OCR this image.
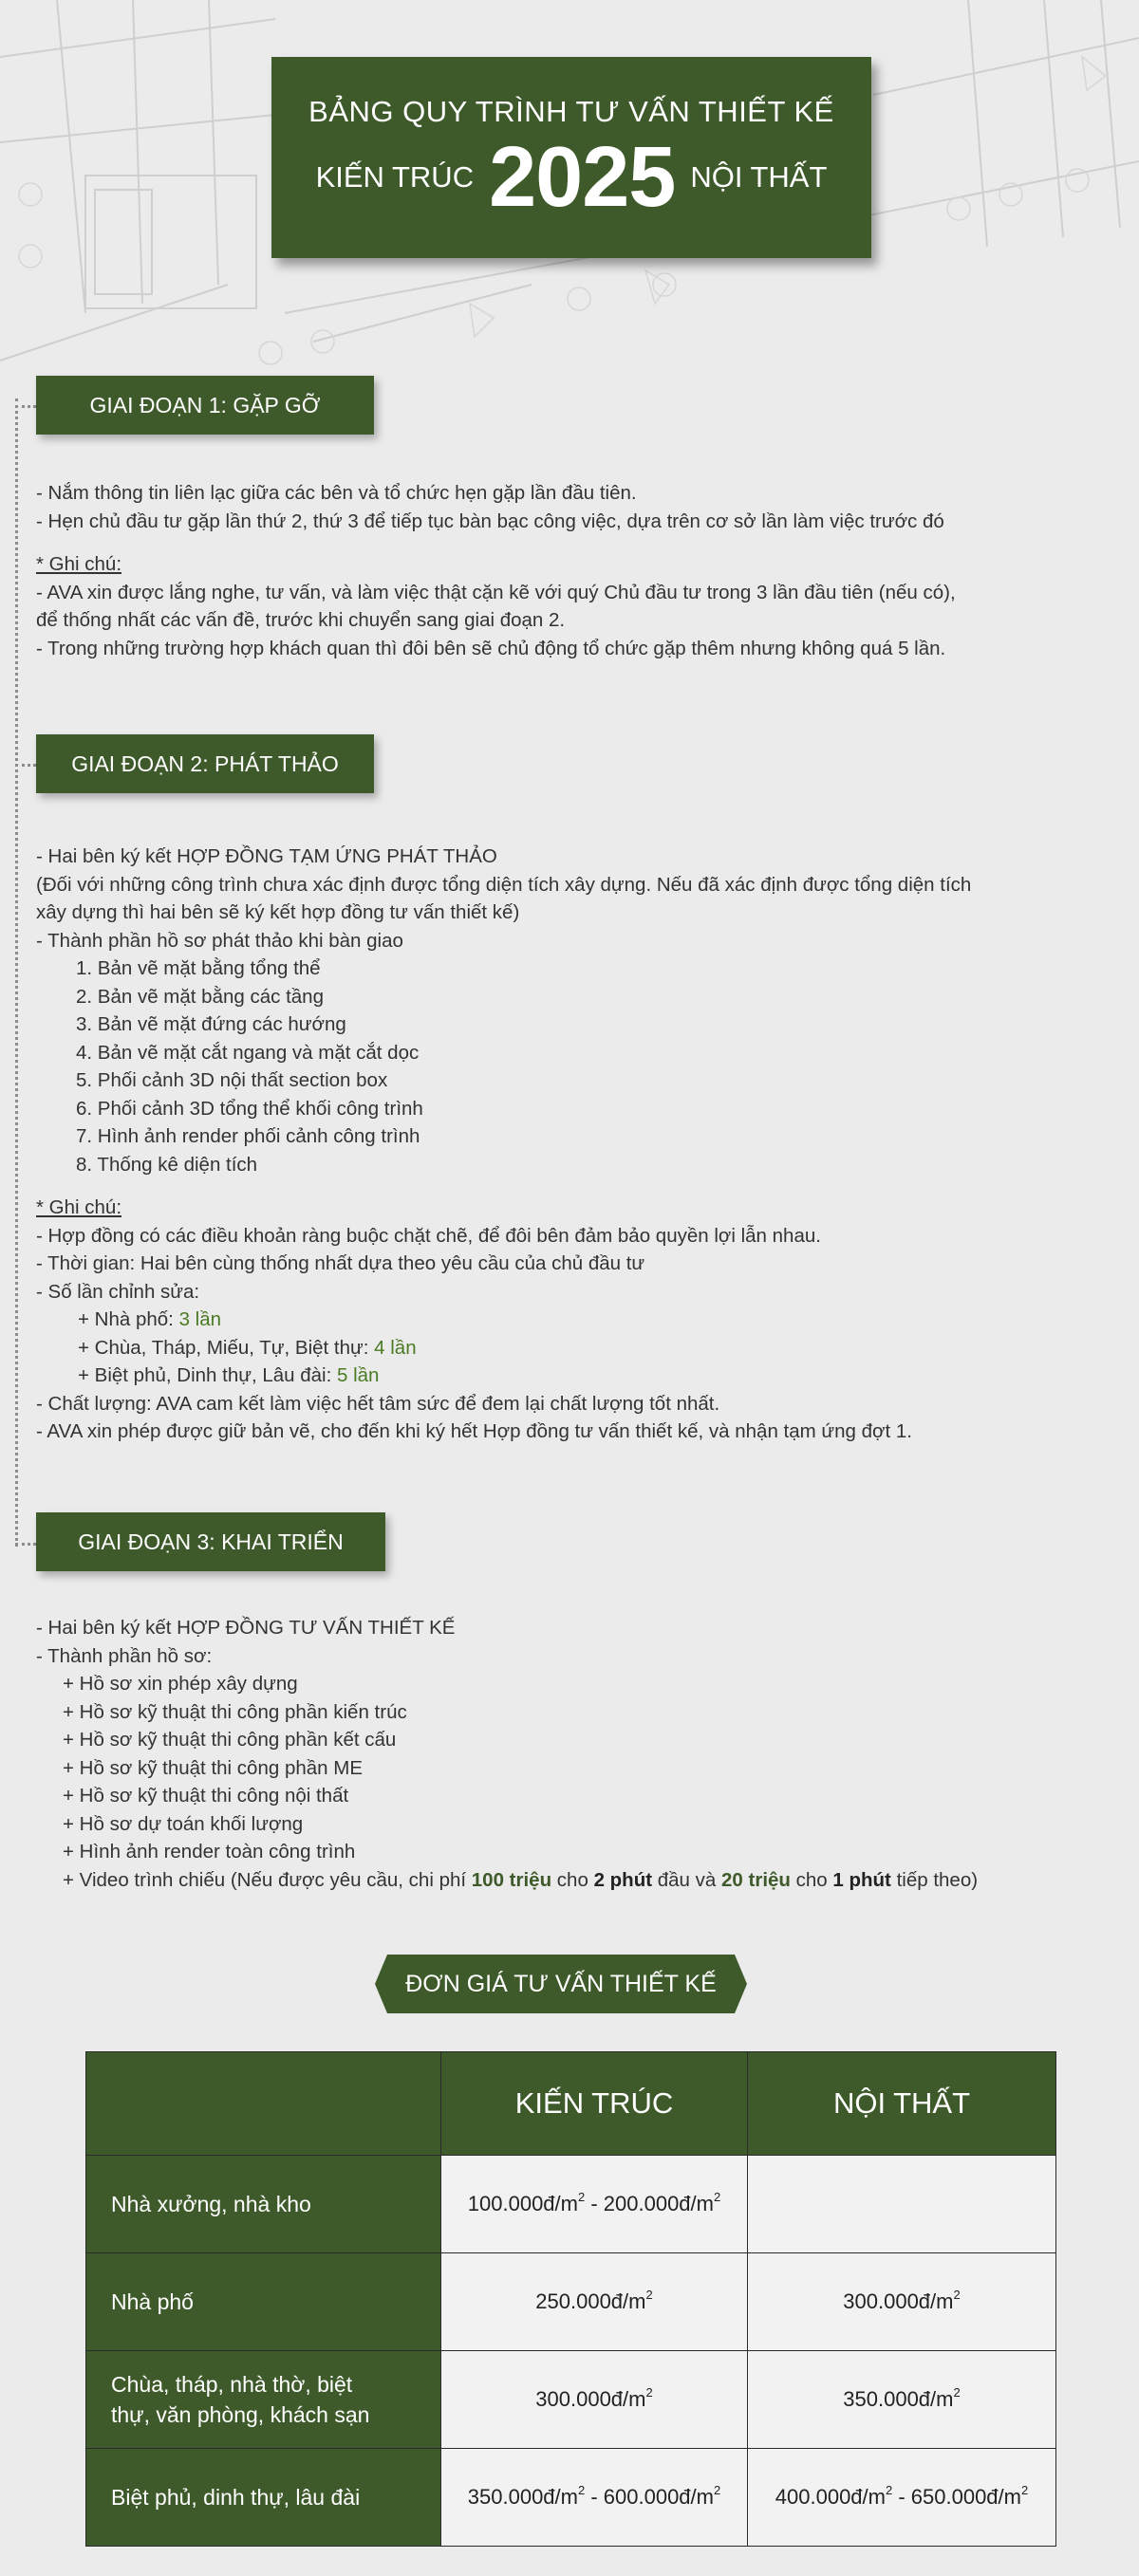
BẢNG QUY TRÌNH TƯ VẤN THIẾT KẾ
KIẾN TRÚC 2025 NỘI THẤT
GIAI ĐOẠN 1: GẶP GỠ
- Nắm thông tin liên lạc giữa các bên và tổ chức hẹn gặp lần đầu tiên.
- Hẹn chủ đầu tư gặp lần thứ 2, thứ 3 để tiếp tục bàn bạc công việc, dựa trên cơ sở lần làm việc trước đó
* Ghi chú:
- AVA xin được lắng nghe, tư vấn, và làm việc thật cặn kẽ với quý Chủ đầu tư trong 3 lần đầu tiên (nếu có),
để thống nhất các vấn đề, trước khi chuyển sang giai đoạn 2.
- Trong những trường hợp khách quan thì đôi bên sẽ chủ động tổ chức gặp thêm nhưng không quá 5 lần.
GIAI ĐOẠN 2: PHÁT THẢO
- Hai bên ký kết HỢP ĐỒNG TẠM ỨNG PHÁT THẢO
(Đối với những công trình chưa xác định được tổng diện tích xây dựng. Nếu đã xác định được tổng diện tích
xây dựng thì hai bên sẽ ký kết hợp đồng tư vấn thiết kế)
- Thành phần hồ sơ phát thảo khi bàn giao
1. Bản vẽ mặt bằng tổng thể
2. Bản vẽ mặt bằng các tầng
3. Bản vẽ mặt đứng các hướng
4. Bản vẽ mặt cắt ngang và mặt cắt dọc
5. Phối cảnh 3D nội thất section box
6. Phối cảnh 3D tổng thể khối công trình
7. Hình ảnh render phối cảnh công trình
8. Thống kê diện tích
* Ghi chú:
- Hợp đồng có các điều khoản ràng buộc chặt chẽ, để đôi bên đảm bảo quyền lợi lẫn nhau.
- Thời gian: Hai bên cùng thống nhất dựa theo yêu cầu của chủ đầu tư
- Số lần chỉnh sửa:
+ Nhà phố: 3 lần
+ Chùa, Tháp, Miếu, Tự, Biệt thự: 4 lần
+ Biệt phủ, Dinh thự, Lâu đài: 5 lần
- Chất lượng: AVA cam kết làm việc hết tâm sức để đem lại chất lượng tốt nhất.
- AVA xin phép được giữ bản vẽ, cho đến khi ký hết Hợp đồng tư vấn thiết kế, và nhận tạm ứng đợt 1.
GIAI ĐOẠN 3: KHAI TRIỂN
- Hai bên ký kết HỢP ĐỒNG TƯ VẤN THIẾT KẾ
- Thành phần hồ sơ:
+ Hồ sơ xin phép xây dựng
+ Hồ sơ kỹ thuật thi công phần kiến trúc
+ Hồ sơ kỹ thuật thi công phần kết cấu
+ Hồ sơ kỹ thuật thi công phần ME
+ Hồ sơ kỹ thuật thi công nội thất
+ Hồ sơ dự toán khối lượng
+ Hình ảnh render toàn công trình
+ Video trình chiếu (Nếu được yêu cầu, chi phí 100 triệu cho 2 phút đầu và 20 triệu cho 1 phút tiếp theo)
ĐƠN GIÁ TƯ VẤN THIẾT KẾ
	KIẾN TRÚC	NỘI THẤT
Nhà xưởng, nhà kho	$100.000đ/m^2$ - $200.000đ/m^2$	
Nhà phố	$250.000đ/m^2$	$300.000đ/m^2$
Chùa, tháp, nhà thờ, biệt
thự, văn phòng, khách sạn	$300.000đ/m^2$	$350.000đ/m^2$
Biệt phủ, dinh thự, lâu đài	$350.000đ/m^2$ - $600.000đ/m^2$	$400.000đ/m^2$ - $650.000đ/m^2$
